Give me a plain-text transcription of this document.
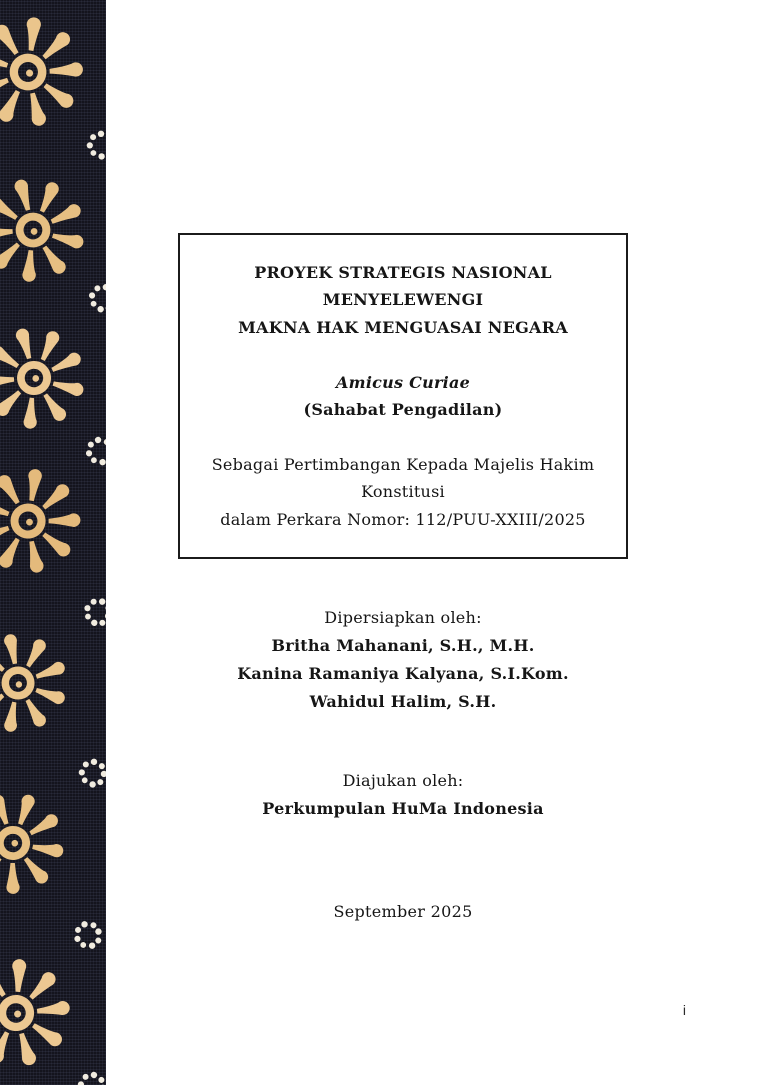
PROYEK STRATEGIS NASIONAL MENYELEWENGI
MAKNA HAK MENGUASAI NEGARA
Amicus Curiae
(Sahabat Pengadilan)
Sebagai Pertimbangan Kepada Majelis Hakim Konstitusi
dalam Perkara Nomor: 112/PUU-XXIII/2025
Dipersiapkan oleh:
Britha Mahanani, S.H., M.H.
Kanina Ramaniya Kalyana, S.I.Kom.
Wahidul Halim, S.H.
Diajukan oleh:
Perkumpulan HuMa Indonesia
September 2025
i
